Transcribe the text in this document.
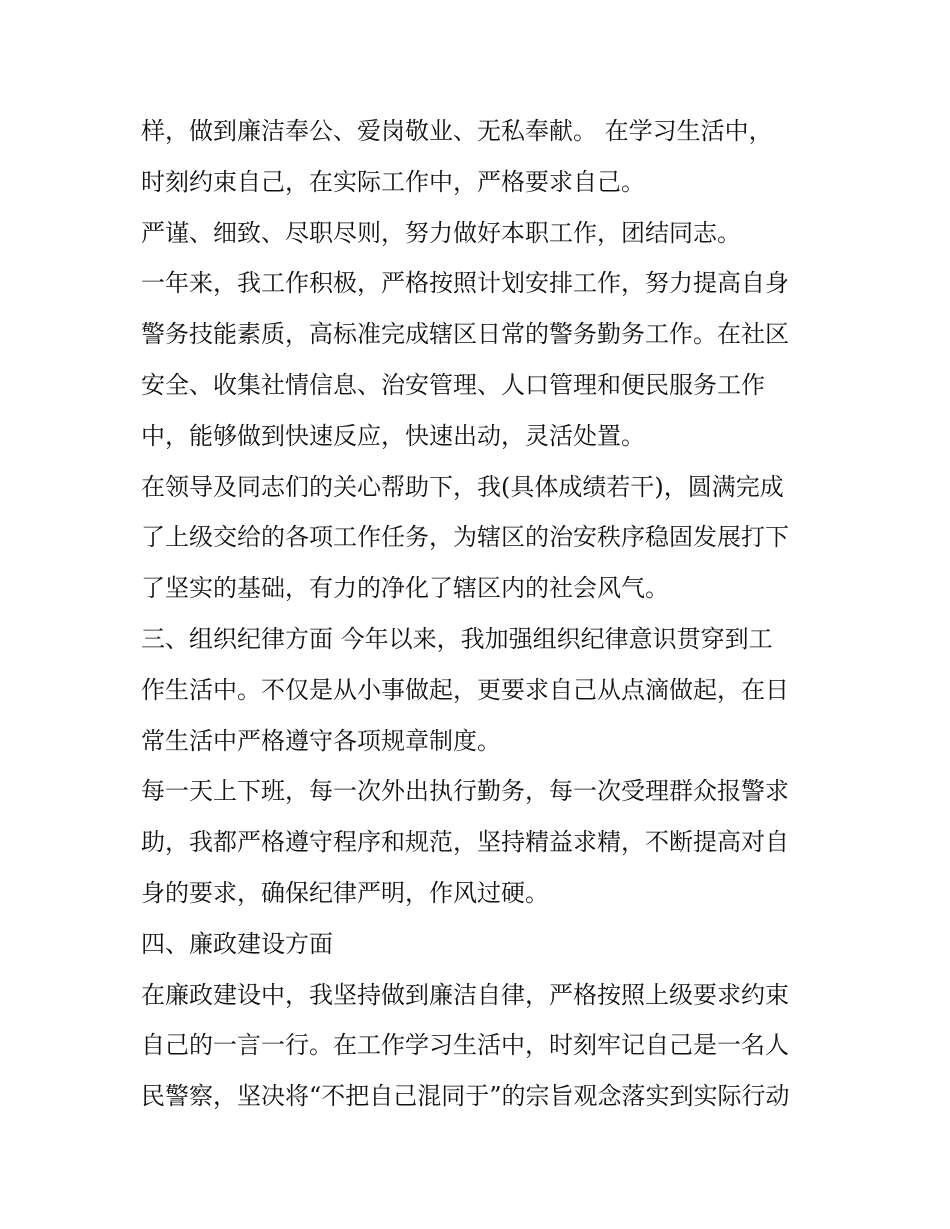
样，做到廉洁奉公、爱岗敬业、无私奉献。 在学习生活中，
时刻约束自己，在实际工作中，严格要求自己。
严谨、细致、尽职尽则，努力做好本职工作，团结同志。
一年来，我工作积极，严格按照计划安排工作，努力提高自身
警务技能素质，高标准完成辖区日常的警务勤务工作。在社区
安全、收集社情信息、治安管理、人口管理和便民服务工作
中，能够做到快速反应，快速出动，灵活处置。
在领导及同志们的关心帮助下，我(具体成绩若干)，圆满完成
了上级交给的各项工作任务，为辖区的治安秩序稳固发展打下
了坚实的基础，有力的净化了辖区内的社会风气。
三、组织纪律方面 今年以来，我加强组织纪律意识贯穿到工
作生活中。不仅是从小事做起，更要求自己从点滴做起，在日
常生活中严格遵守各项规章制度。
每一天上下班，每一次外出执行勤务，每一次受理群众报警求
助，我都严格遵守程序和规范，坚持精益求精，不断提高对自
身的要求，确保纪律严明，作风过硬。
四、廉政建设方面
在廉政建设中，我坚持做到廉洁自律，严格按照上级要求约束
自己的一言一行。在工作学习生活中，时刻牢记自己是一名人
民警察，坚决将“不把自己混同于”的宗旨观念落实到实际行动
